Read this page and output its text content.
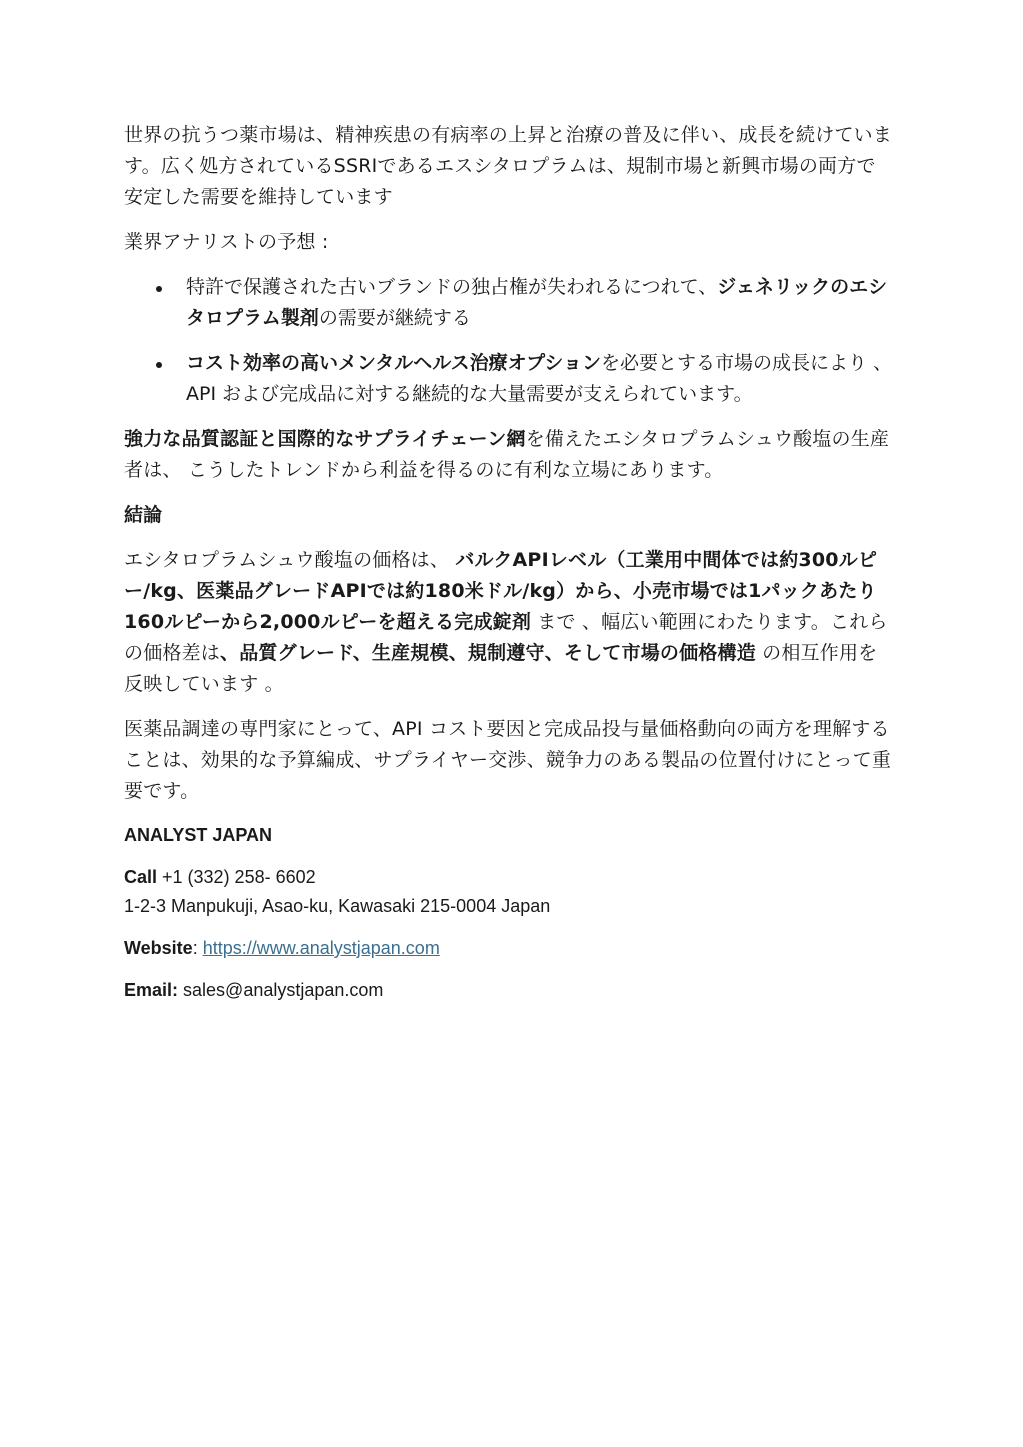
世界の抗うつ薬市場は、精神疾患の有病率の上昇と治療の普及に伴い、成長を続けています。広く処方されているSSRIであるエスシタロプラムは、規制市場と新興市場の両方で安定した需要を維持しています

業界アナリストの予想 :

特許で保護された古いブランドの独占権が失われるにつれて、ジェネリックのエシタロプラム製剤の需要が継続する
コスト効率の高いメンタルヘルス治療オプションを必要とする市場の成長により 、API および完成品に対する継続的な大量需要が支えられています。

強力な品質認証と国際的なサプライチェーン網を備えたエシタロプラムシュウ酸塩の生産者は、 こうしたトレンドから利益を得るのに有利な立場にあります。

結論

エシタロプラムシュウ酸塩の価格は、 バルクAPIレベル（工業用中間体では約300ルピー/kg、医薬品グレードAPIでは約180米ドル/kg）から、小売市場では1パックあたり160ルピーから2,000ルピーを超える完成錠剤 まで 、幅広い範囲にわたります。これらの価格差は、品質グレード、生産規模、規制遵守、そして市場の価格構造 の相互作用を反映しています 。

医薬品調達の専門家にとって、API コスト要因と完成品投与量価格動向の両方を理解することは、効果的な予算編成、サプライヤー交渉、競争力のある製品の位置付けにとって重要です。

ANALYST JAPAN

Call +1 (332) 258- 6602

1-2-3 Manpukuji, Asao-ku, Kawasaki 215-0004 Japan

Website: https://www.analystjapan.com

Email: sales@analystjapan.com
